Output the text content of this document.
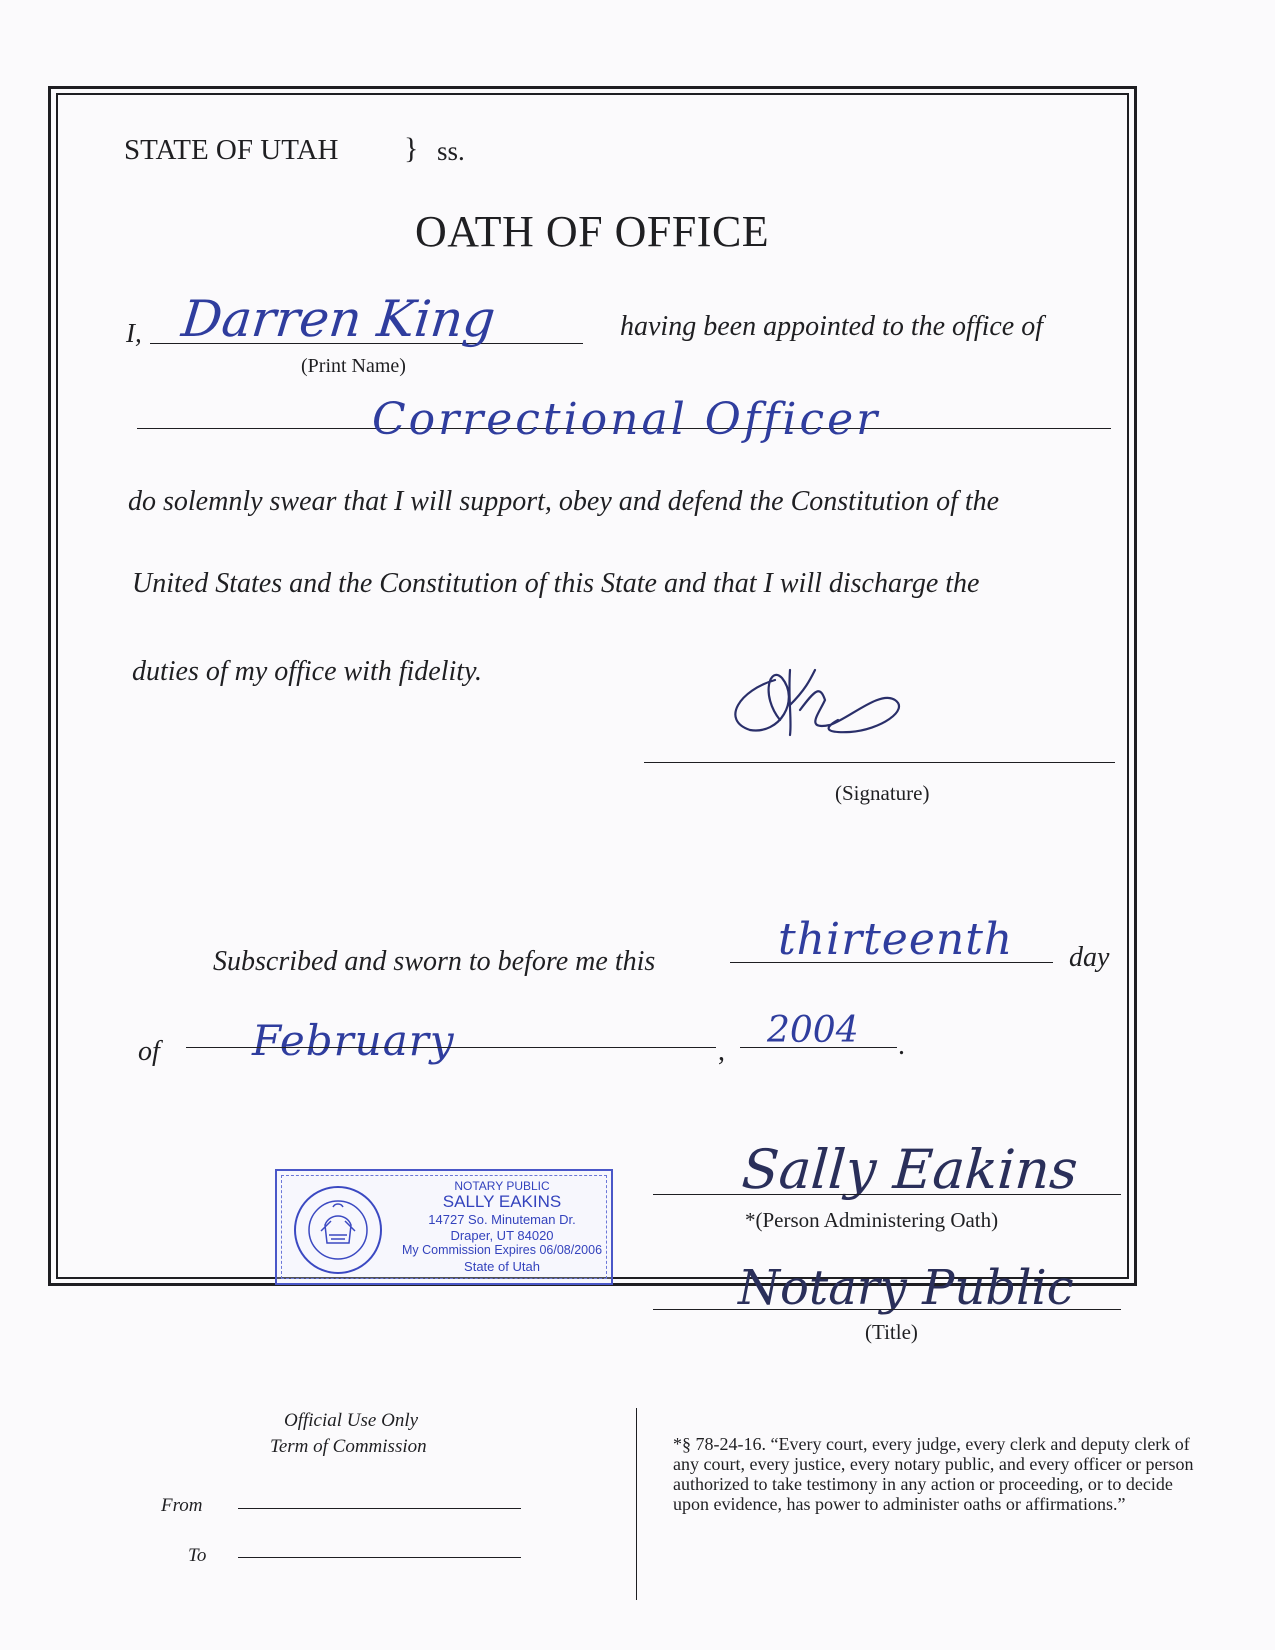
STATE OF UTAH } ss.
OATH OF OFFICE
I, Darren King	having been appointed to the office of
(Print Name)
Correctional Officer
do solemnly swear that I will support, obey and defend the Constitution of the
United States and the Constitution of this State and that I will discharge the
duties of my office with fidelity.
(Signature)
Subscribed and sworn to before me this	thirteenth day
of February	,
2004 .
NOTARY PUBLIC
SALLY EAKINS
14727 So. Minuteman Dr.
Draper, UT 84020
My Commission Expires 06/08/2006
State of Utah
Sally Eakins
*(Person Administering Oath)
Notary Public
(Title)
Official Use Only
Term of Commission
From
To
*§ 78-24-16. “Every court, every judge, every clerk and deputy clerk of any court, every justice, every notary public, and every officer or person authorized to take testimony in any action or proceeding, or to decide upon evidence, has power to administer oaths or affirmations.”
